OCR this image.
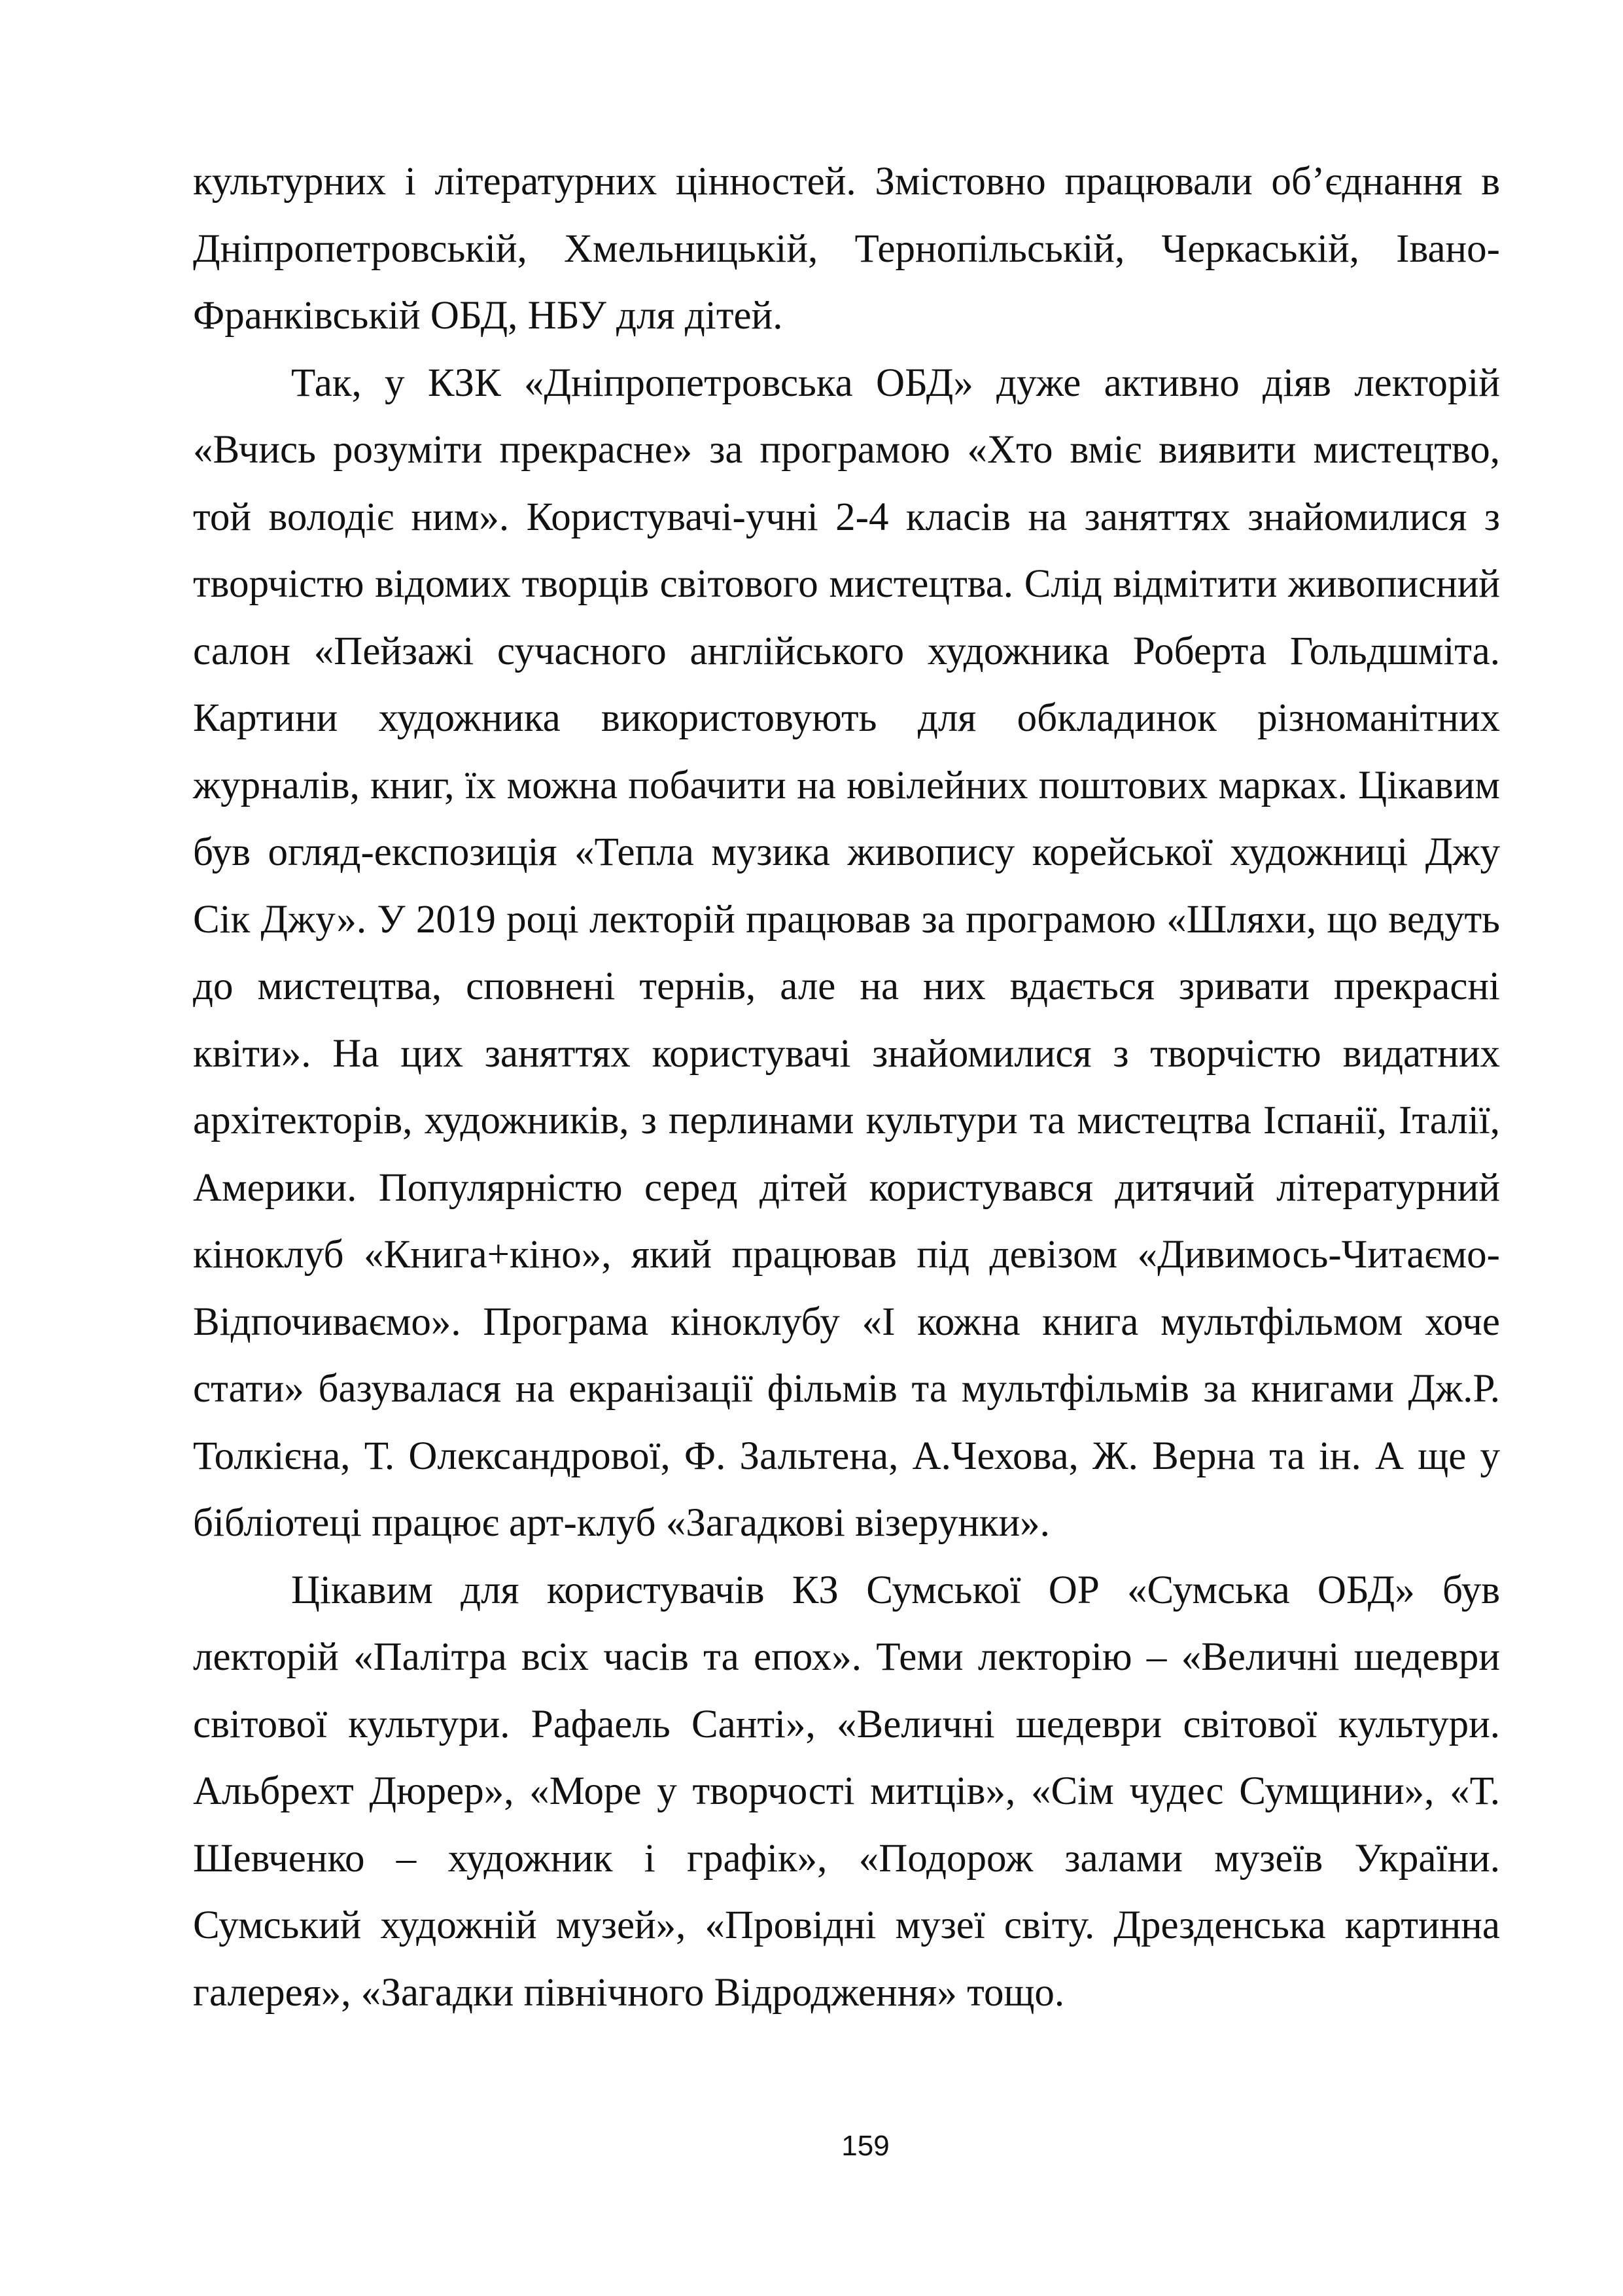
культурних і літературних цінностей. Змістовно працювали об’єднання в Дніпропетровській, Хмельницькій, Тернопільській, Черкаській, Івано-Франківській ОБД, НБУ для дітей.

Так, у КЗК «Дніпропетровська ОБД» дуже активно діяв лекторій «Вчись розуміти прекрасне» за програмою «Хто вміє виявити мистецтво, той володіє ним». Користувачі-учні 2-4 класів на заняттях знайомилися з творчістю відомих творців світового мистецтва. Слід відмітити живописний салон «Пейзажі сучасного англійського художника Роберта Гольдшміта. Картини художника використовують для обкладинок різноманітних журналів, книг, їх можна побачити на ювілейних поштових марках. Цікавим був огляд-експозиція «Тепла музика живопису корейської художниці Джу Сік Джу». У 2019 році лекторій працював за програмою «Шляхи, що ведуть до мистецтва, сповнені тернів, але на них вдається зривати прекрасні квіти». На цих заняттях користувачі знайомилися з творчістю видатних архітекторів, художників, з перлинами культури та мистецтва Іспанії, Італії, Америки. Популярністю серед дітей користувався дитячий літературний кіноклуб «Книга+кіно», який працював під девізом «Дивимось-Читаємо-Відпочиваємо». Програма кіноклубу «І кожна книга мультфільмом хоче стати» базувалася на екранізації фільмів та мультфільмів за книгами Дж.Р. Толкієна, Т. Олександрової, Ф. Зальтена, А.Чехова, Ж. Верна та ін. А ще у бібліотеці працює арт-клуб «Загадкові візерунки».

Цікавим для користувачів КЗ Сумської ОР «Сумська ОБД» був лекторій «Палітра всіх часів та епох». Теми лекторію – «Величні шедеври світової культури. Рафаель Санті», «Величні шедеври світової культури. Альбрехт Дюрер», «Море у творчості митців», «Сім чудес Сумщини», «Т. Шевченко – художник і графік», «Подорож залами музеїв України. Сумський художній музей», «Провідні музеї світу. Дрезденська картинна галерея», «Загадки північного Відродження» тощо.

159
